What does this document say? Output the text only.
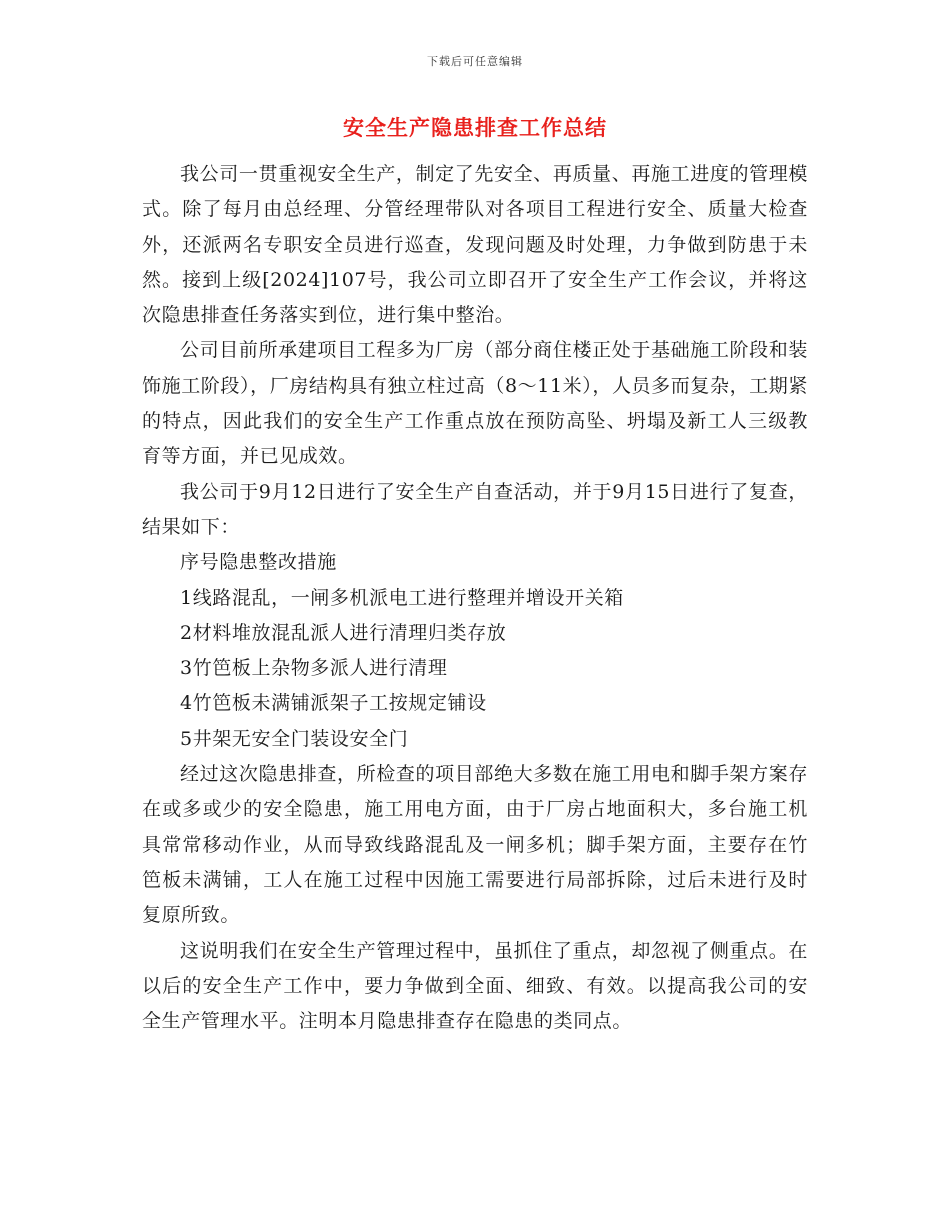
下载后可任意编辑
安全生产隐患排查工作总结

我公司一贯重视安全生产，制定了先安全、再质量、再施工进度的管理模式。除了每月由总经理、分管经理带队对各项目工程进行安全、质量大检查外，还派两名专职安全员进行巡查，发现问题及时处理，力争做到防患于未然。接到上级[2024]107号，我公司立即召开了安全生产工作会议，并将这次隐患排查任务落实到位，进行集中整治。

公司目前所承建项目工程多为厂房（部分商住楼正处于基础施工阶段和装饰施工阶段），厂房结构具有独立柱过高（8～11米），人员多而复杂，工期紧的特点，因此我们的安全生产工作重点放在预防高坠、坍塌及新工人三级教育等方面，并已见成效。

我公司于9月12日进行了安全生产自查活动，并于9月15日进行了复查，结果如下：

序号隐患整改措施

1线路混乱，一闸多机派电工进行整理并增设开关箱

2材料堆放混乱派人进行清理归类存放

3竹笆板上杂物多派人进行清理

4竹笆板未满铺派架子工按规定铺设

5井架无安全门装设安全门

经过这次隐患排查，所检查的项目部绝大多数在施工用电和脚手架方案存在或多或少的安全隐患，施工用电方面，由于厂房占地面积大，多台施工机具常常移动作业，从而导致线路混乱及一闸多机；脚手架方面，主要存在竹笆板未满铺，工人在施工过程中因施工需要进行局部拆除，过后未进行及时复原所致。

这说明我们在安全生产管理过程中，虽抓住了重点，却忽视了侧重点。在以后的安全生产工作中，要力争做到全面、细致、有效。以提高我公司的安全生产管理水平。注明本月隐患排查存在隐患的类同点。
